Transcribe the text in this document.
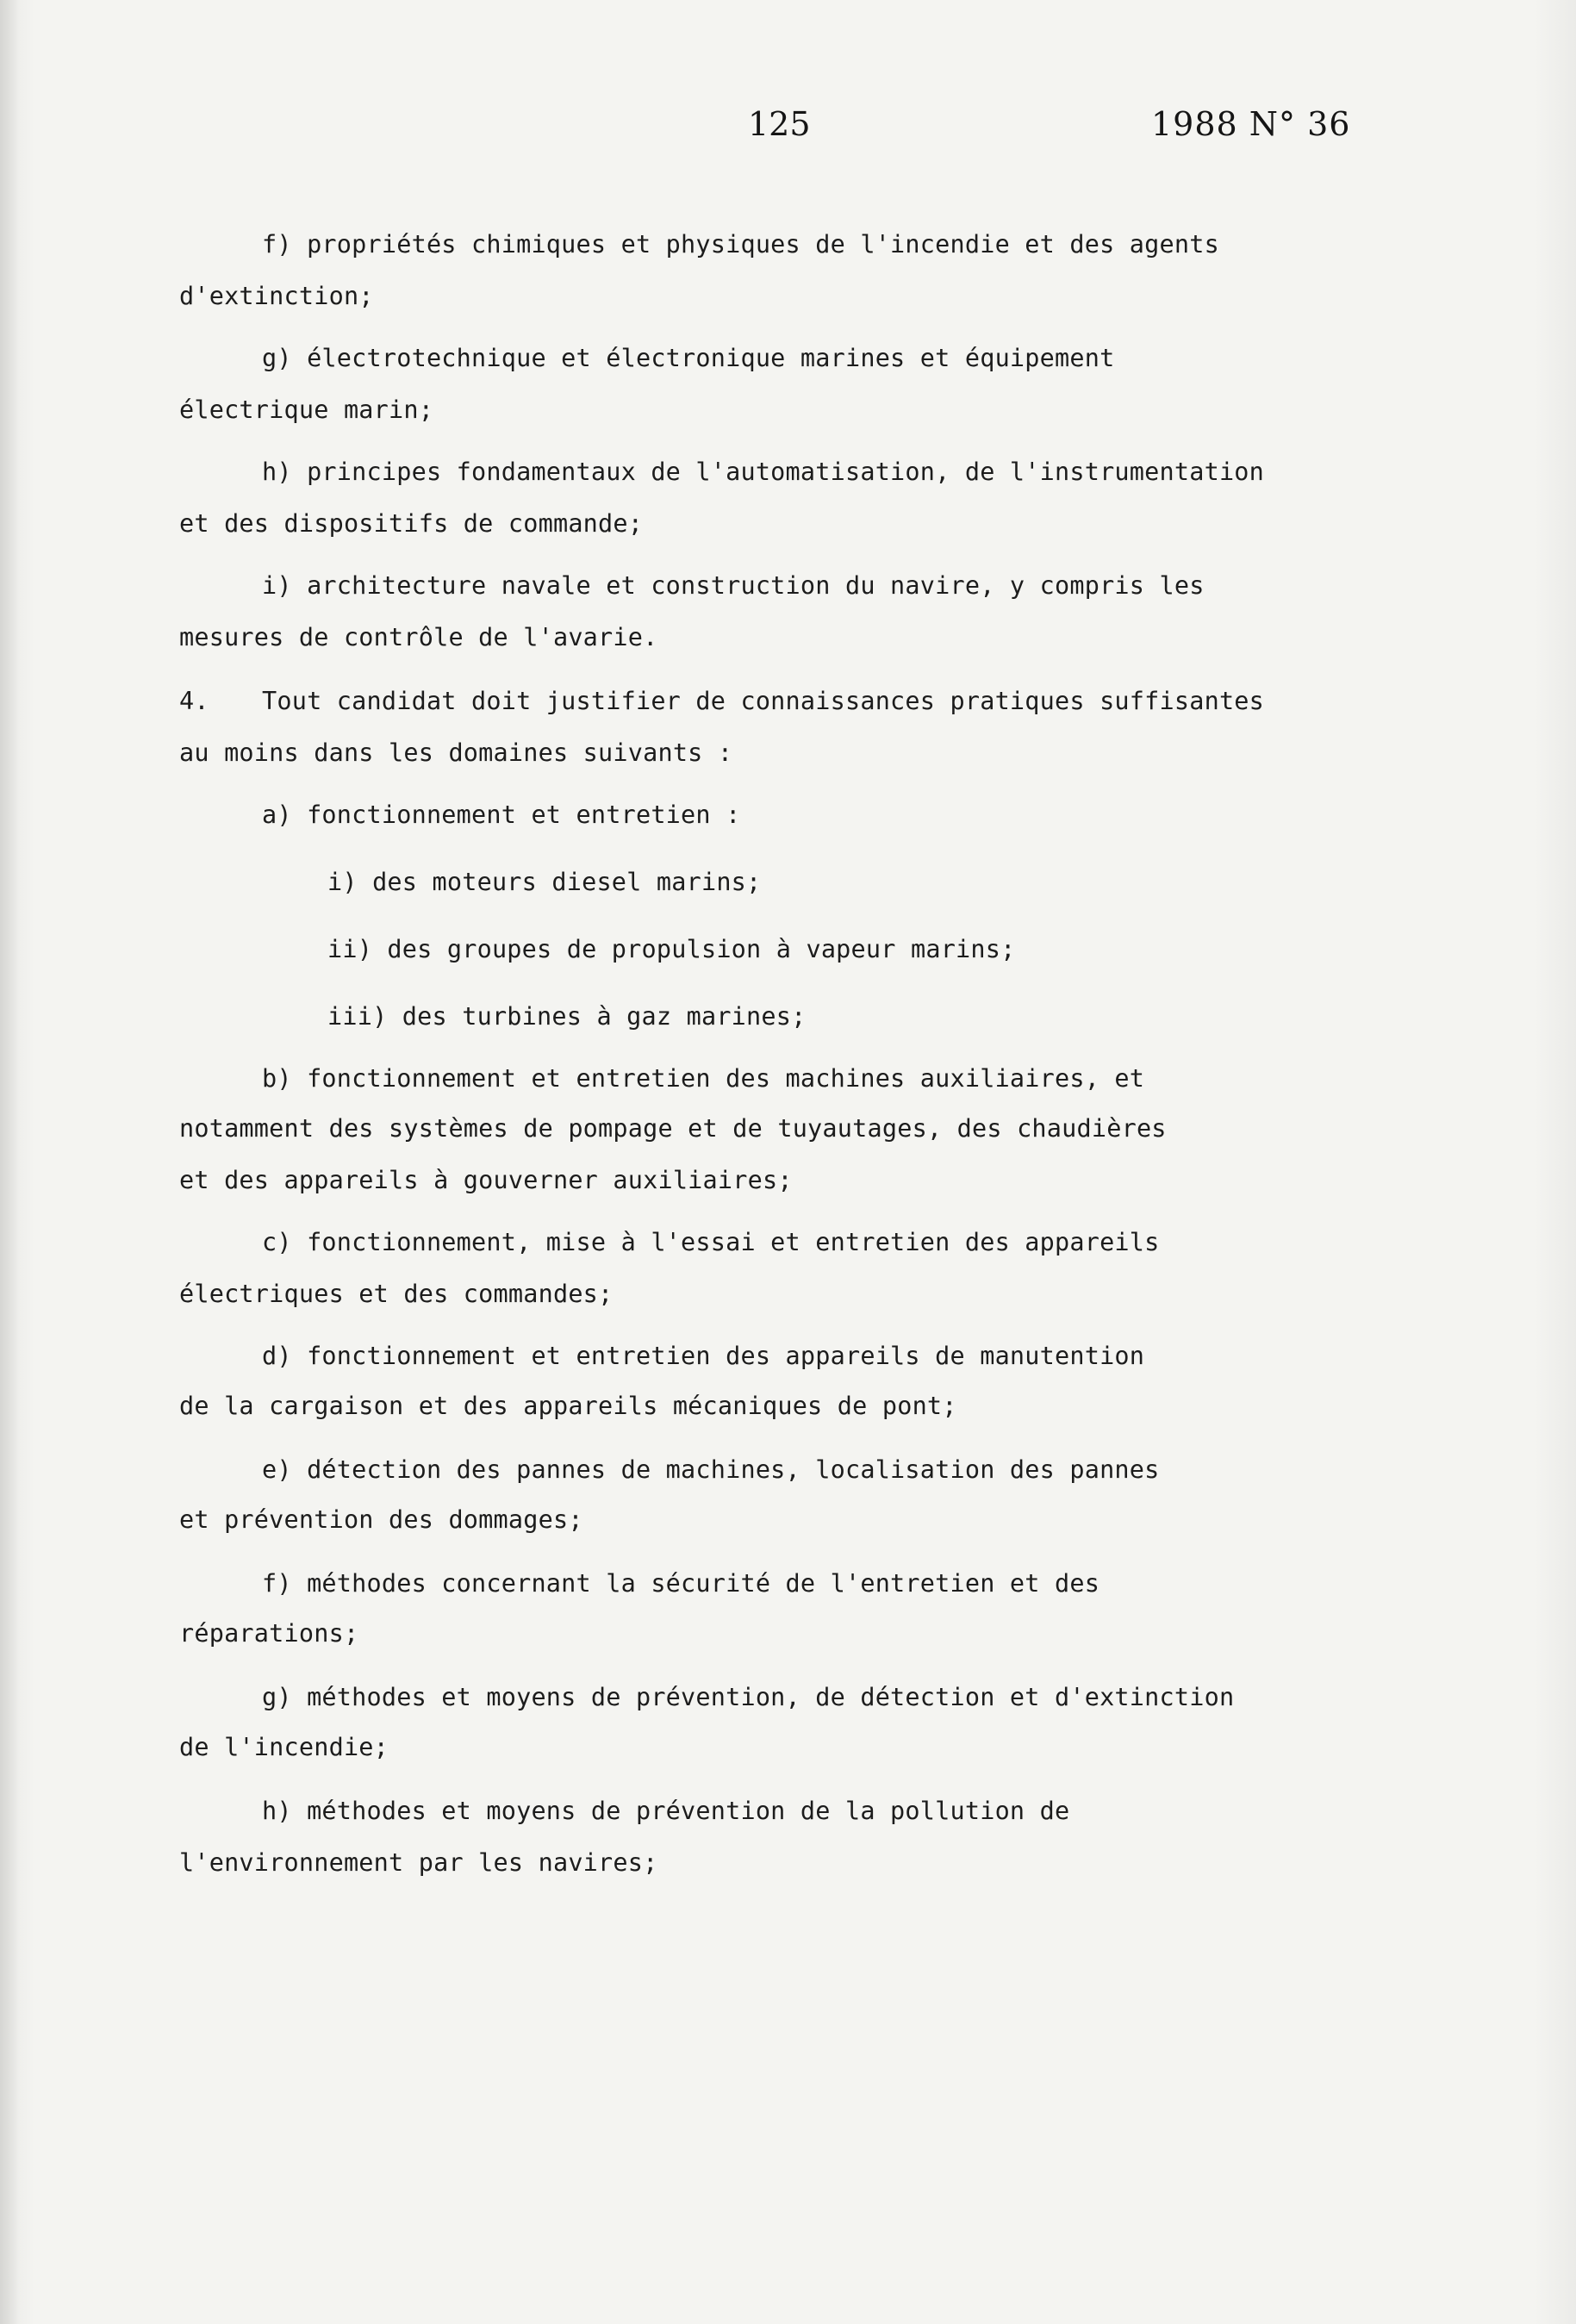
125	1988 N° 36
f) propriétés chimiques et physiques de l'incendie et des agents
d'extinction;
g) électrotechnique et électronique marines et équipement
électrique marin;
h) principes fondamentaux de l'automatisation, de l'instrumentation
et des dispositifs de commande;
i) architecture navale et construction du navire, y compris les
mesures de contrôle de l'avarie.
4. Tout candidat doit justifier de connaissances pratiques suffisantes
au moins dans les domaines suivants :
a) fonctionnement et entretien :
i) des moteurs diesel marins;
ii) des groupes de propulsion à vapeur marins;
iii) des turbines à gaz marines;
b) fonctionnement et entretien des machines auxiliaires, et
notamment des systèmes de pompage et de tuyautages, des chaudières
et des appareils à gouverner auxiliaires;
c) fonctionnement, mise à l'essai et entretien des appareils
électriques et des commandes;
d) fonctionnement et entretien des appareils de manutention
de la cargaison et des appareils mécaniques de pont;
e) détection des pannes de machines, localisation des pannes
et prévention des dommages;
f) méthodes concernant la sécurité de l'entretien et des
réparations;
g) méthodes et moyens de prévention, de détection et d'extinction
de l'incendie;
h) méthodes et moyens de prévention de la pollution de
l'environnement par les navires;
